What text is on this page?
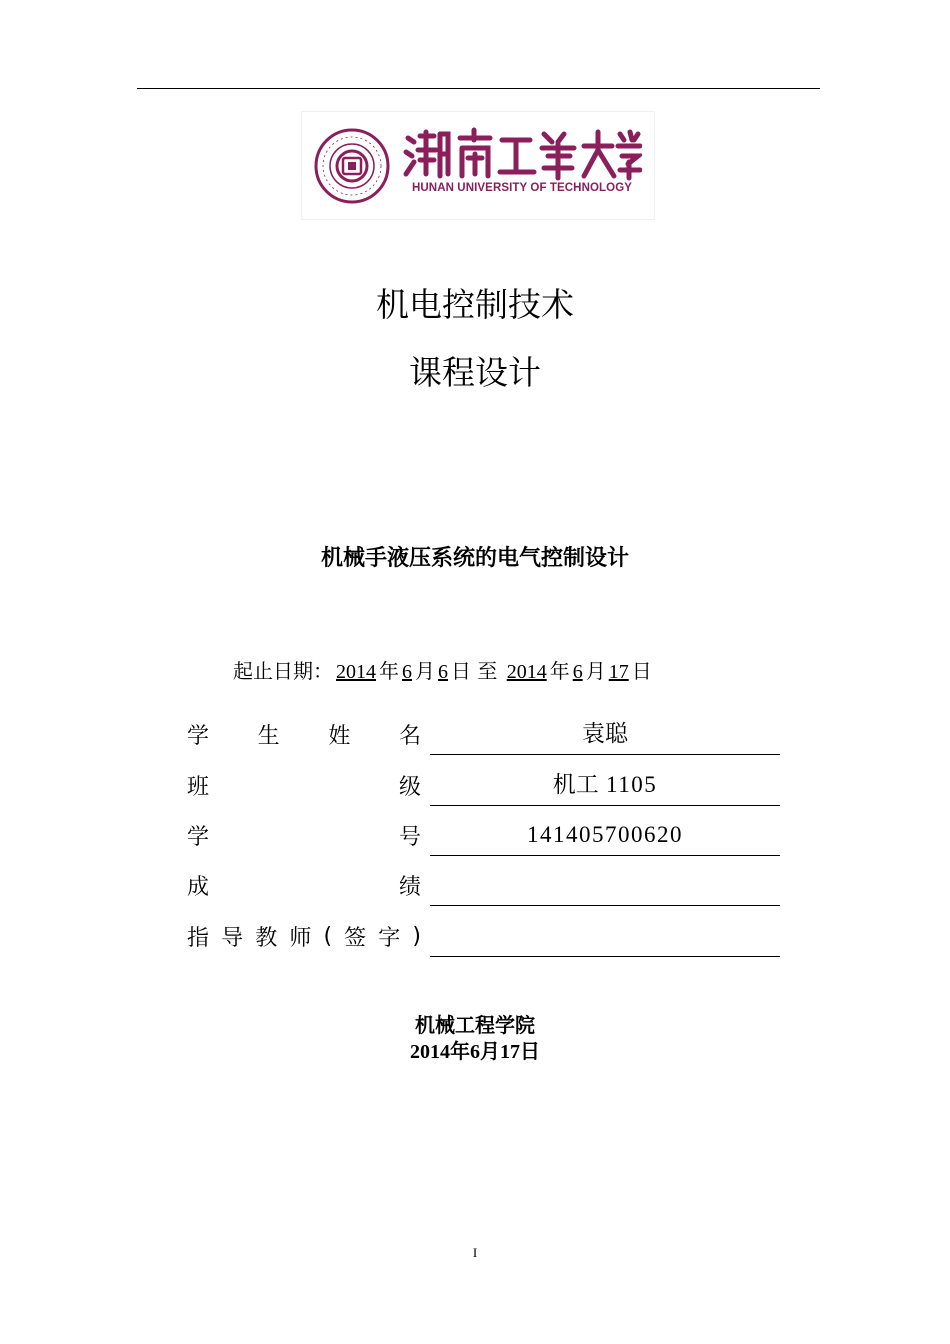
HUNAN UNIVERSITY OF TECHNOLOGY
机电控制技术
课程设计
机械手液压系统的电气控制设计
起止日期： 2014 年 6 月 6 日 至 2014 年 6 月 17 日
学 生 姓 名	袁聪
班	级	机工 1105
学	号	141405700620
成	绩
指 导 教 师 ( 签 字 )
机械工程学院
2014年6月17日
I
